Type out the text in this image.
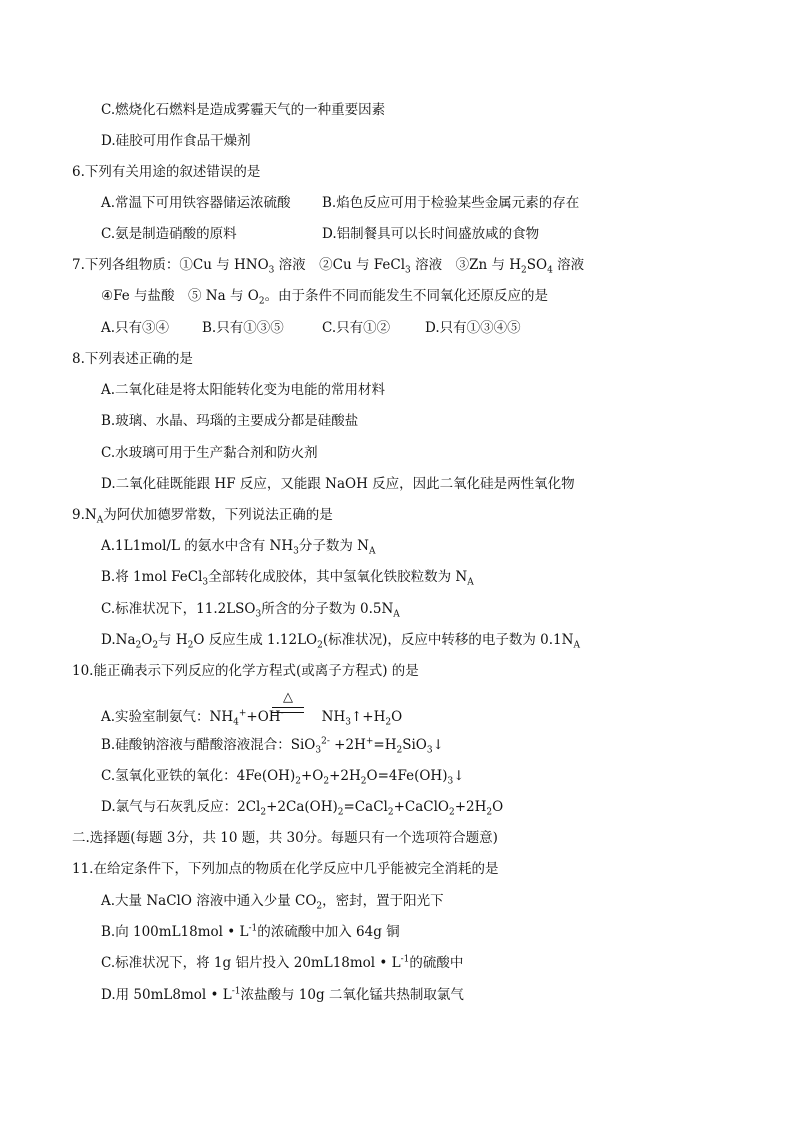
C.燃烧化石燃料是造成雾霾天气的一种重要因素
D.硅胶可用作食品干燥剂
6.下列有关用途的叙述错误的是
A.常温下可用铁容器储运浓硫酸 B.焰色反应可用于检验某些金属元素的存在
C.氨是制造硝酸的原料	D.铝制餐具可以长时间盛放咸的食物
7.下列各组物质：①Cu 与 $HNO_3$ 溶液　②Cu 与 FeCl$_3$ 溶液　③Zn 与 $H_2SO_4$ 溶液
④Fe 与盐酸　⑤ Na 与 $O_2$。由于条件不同而能发生不同氧化还原反应的是
A.只有③④ B.只有①③⑤	C.只有①②	D.只有①③④⑤
8.下列表述正确的是
A.二氧化硅是将太阳能转化变为电能的常用材料
B.玻璃、水晶、玛瑙的主要成分都是硅酸盐
C.水玻璃可用于生产黏合剂和防火剂
D.二氧化硅既能跟 HF 反应，又能跟 NaOH 反应，因此二氧化硅是两性氧化物
$9.N_A$为阿伏加德罗常数，下列说法正确的是
A.1L1mol/L 的氨水中含有 $NH_3$分子数为 $N_A$
B.将 1mol FeCl$_3$全部转化成胶体，其中氢氧化铁胶粒数为 $N_A$
C.标准状况下，$11.2LSO_3$所含的分子数为 $0.5N_A$
$D.Na_2O_2$与 $H_2O$ 反应生成 $1.12LO_2$(标准状况)，反应中转移的电子数为 $0.1N_A$
10.能正确表示下列反应的化学方程式(或离子方程式) 的是
△
A.实验室制氨气：$NH_4^++OH^-$	$NH_3↑+H_2O$
B.硅酸钠溶液与醋酸溶液混合：$SiO_3^{2-} +2H^+=H_2SiO_3↓$
C.氢氧化亚铁的氧化：$4Fe(OH)_2+O_2+2H_2O=4Fe(OH)_3↓$
D.氯气与石灰乳反应：$2Cl_2+2Ca(OH)_2=CaCl_2+CaClO_2+2H_2O$
二.选择题(每题 3分，共 10 题，共 30分。每题只有一个选项符合题意)
11.在给定条件下，下列加点的物质在化学反应中几乎能被完全消耗的是
A.大量 NaClO 溶液中通入少量 $CO_2$，密封，置于阳光下
B.向 100mL18mol • $L^{-1}$的浓硫酸中加入 64g 铜
C.标准状况下，将 1g 铝片投入 20mL18mol • $L^{-1}$的硫酸中
D.用 50mL8mol • $L^{-1}$浓盐酸与 10g 二氧化锰共热制取氯气
